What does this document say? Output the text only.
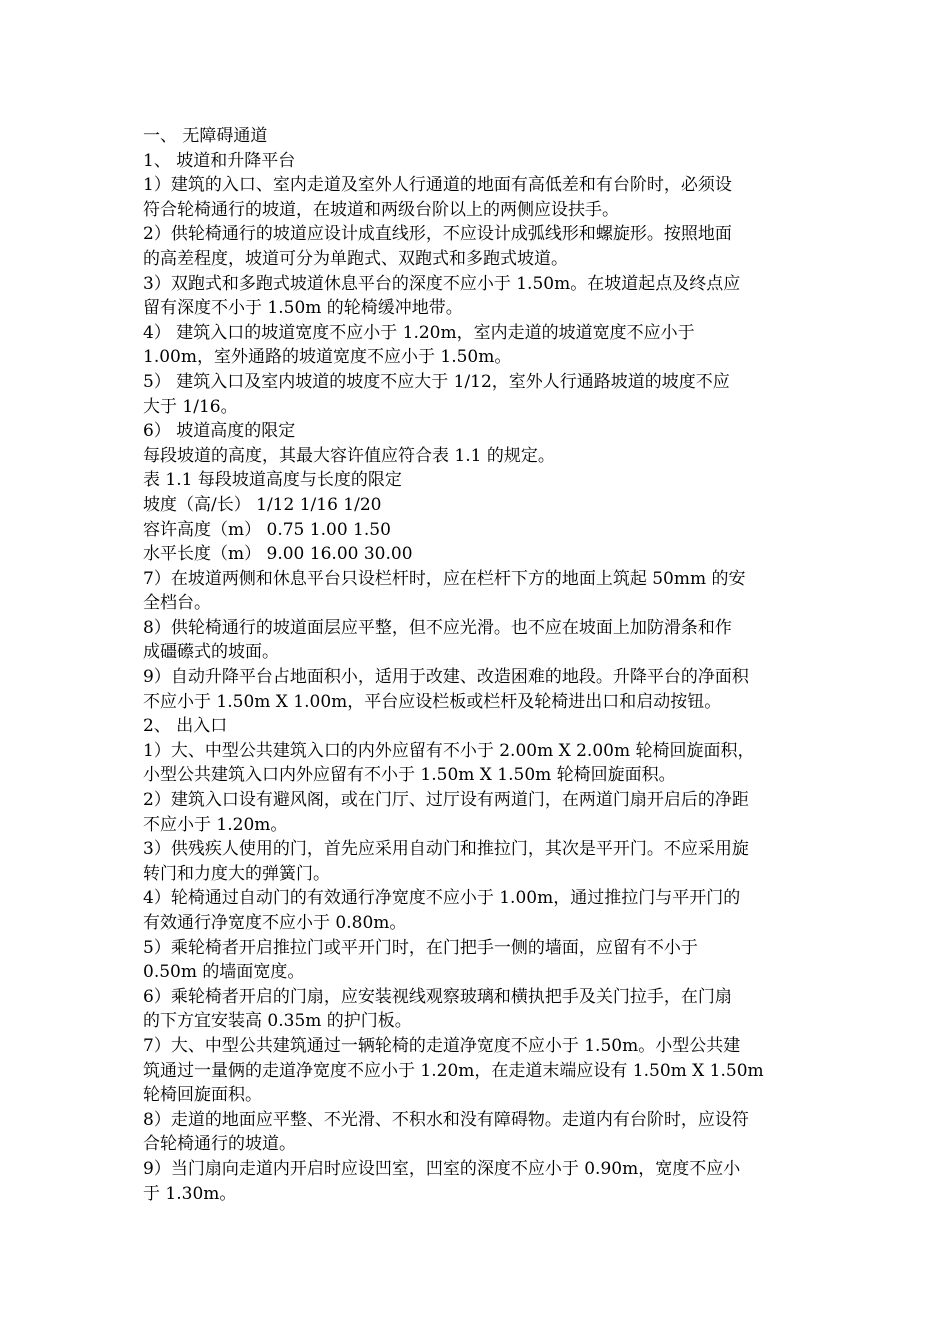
一、 无障碍通道
1、 坡道和升降平台
1）建筑的入口、室内走道及室外人行通道的地面有高低差和有台阶时，必须设
符合轮椅通行的坡道，在坡道和两级台阶以上的两侧应设扶手。
2）供轮椅通行的坡道应设计成直线形，不应设计成弧线形和螺旋形。按照地面
的高差程度，坡道可分为单跑式、双跑式和多跑式坡道。
3）双跑式和多跑式坡道休息平台的深度不应小于 1.50m。在坡道起点及终点应
留有深度不小于 1.50m 的轮椅缓冲地带。
4） 建筑入口的坡道宽度不应小于 1.20m，室内走道的坡道宽度不应小于
1.00m，室外通路的坡道宽度不应小于 1.50m。
5） 建筑入口及室内坡道的坡度不应大于 1/12，室外人行通路坡道的坡度不应
大于 1/16。
6） 坡道高度的限定
每段坡道的高度，其最大容许值应符合表 1.1 的规定。
表 1.1 每段坡道高度与长度的限定
坡度（高/长） 1/12 1/16 1/20
容许高度（m） 0.75 1.00 1.50
水平长度（m） 9.00 16.00 30.00
7）在坡道两侧和休息平台只设栏杆时，应在栏杆下方的地面上筑起 50mm 的安
全档台。
8）供轮椅通行的坡道面层应平整，但不应光滑。也不应在坡面上加防滑条和作
成礓礤式的坡面。
9）自动升降平台占地面积小，适用于改建、改造困难的地段。升降平台的净面积
不应小于 1.50m X 1.00m，平台应设栏板或栏杆及轮椅进出口和启动按钮。
2、 出入口
1）大、中型公共建筑入口的内外应留有不小于 2.00m X 2.00m 轮椅回旋面积，
小型公共建筑入口内外应留有不小于 1.50m X 1.50m 轮椅回旋面积。
2）建筑入口设有避风阁，或在门厅、过厅设有两道门，在两道门扇开启后的净距
不应小于 1.20m。
3）供残疾人使用的门，首先应采用自动门和推拉门，其次是平开门。不应采用旋
转门和力度大的弹簧门。
4）轮椅通过自动门的有效通行净宽度不应小于 1.00m，通过推拉门与平开门的
有效通行净宽度不应小于 0.80m。
5）乘轮椅者开启推拉门或平开门时，在门把手一侧的墙面，应留有不小于
0.50m 的墙面宽度。
6）乘轮椅者开启的门扇，应安装视线观察玻璃和横执把手及关门拉手，在门扇
的下方宜安装高 0.35m 的护门板。
7）大、中型公共建筑通过一辆轮椅的走道净宽度不应小于 1.50m。小型公共建
筑通过一量俩的走道净宽度不应小于 1.20m，在走道末端应设有 1.50m X 1.50m
轮椅回旋面积。
8）走道的地面应平整、不光滑、不积水和没有障碍物。走道内有台阶时，应设符
合轮椅通行的坡道。
9）当门扇向走道内开启时应设凹室，凹室的深度不应小于 0.90m，宽度不应小
于 1.30m。
